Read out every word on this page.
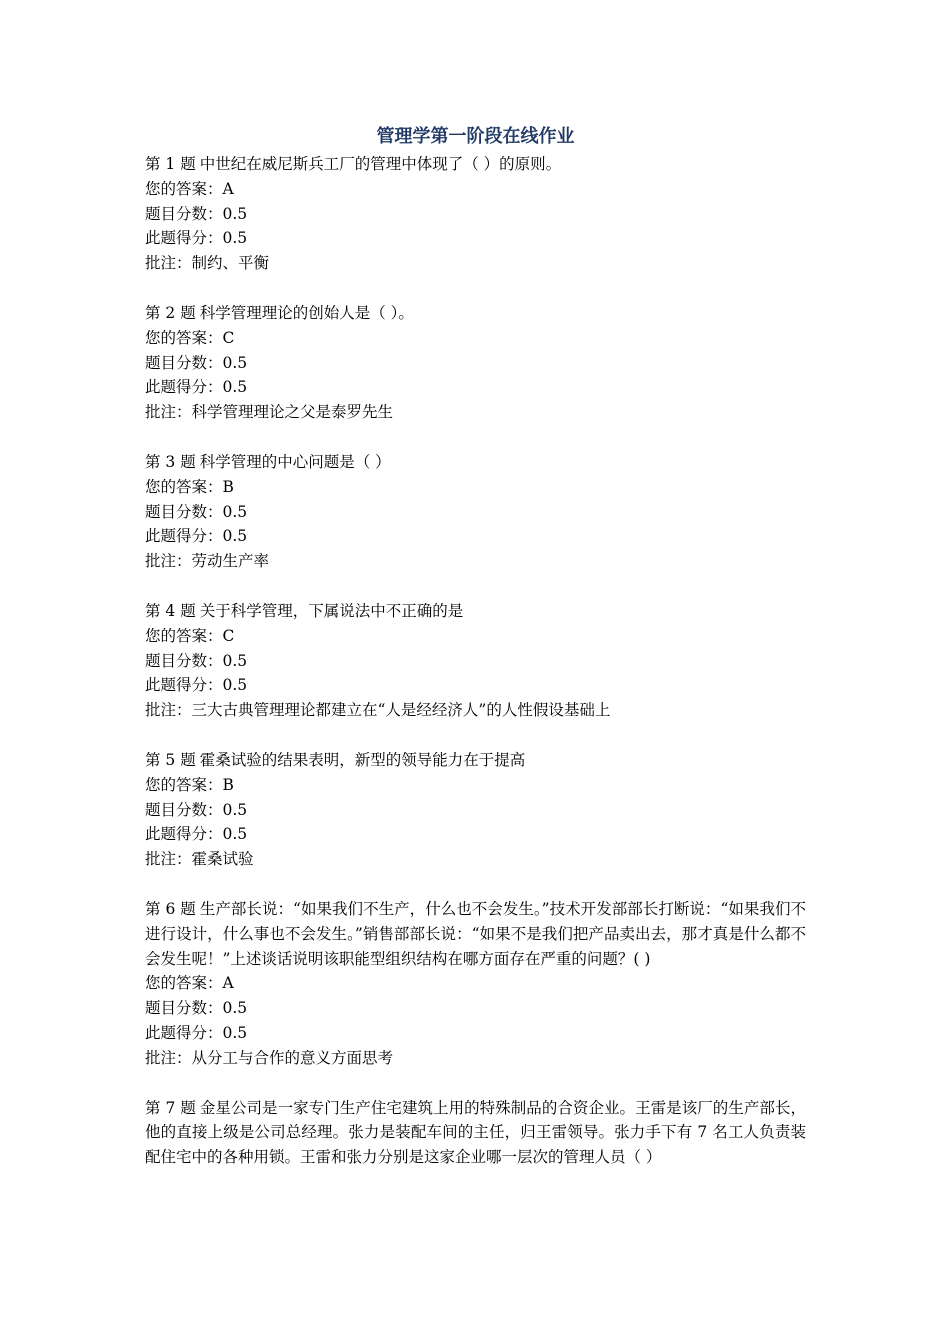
管理学第一阶段在线作业
第 1 题 中世纪在威尼斯兵工厂的管理中体现了（ ）的原则。
您的答案：A
题目分数：0.5
此题得分：0.5
批注：制约、平衡
第 2 题 科学管理理论的创始人是（ ）。
您的答案：C
题目分数：0.5
此题得分：0.5
批注：科学管理理论之父是泰罗先生
第 3 题 科学管理的中心问题是（ ）
您的答案：B
题目分数：0.5
此题得分：0.5
批注：劳动生产率
第 4 题 关于科学管理，下属说法中不正确的是
您的答案：C
题目分数：0.5
此题得分：0.5
批注：三大古典管理理论都建立在“人是经经济人”的人性假设基础上
第 5 题 霍桑试验的结果表明，新型的领导能力在于提高
您的答案：B
题目分数：0.5
此题得分：0.5
批注：霍桑试验
第 6 题 生产部长说：“如果我们不生产，什么也不会发生。”技术开发部部长打断说：“如果我们不进行设计，什么事也不会发生。”销售部部长说：“如果不是我们把产品卖出去，那才真是什么都不会发生呢！”上述谈话说明该职能型组织结构在哪方面存在严重的问题？( )
您的答案：A
题目分数：0.5
此题得分：0.5
批注：从分工与合作的意义方面思考
第 7 题 金星公司是一家专门生产住宅建筑上用的特殊制品的合资企业。王雷是该厂的生产部长，他的直接上级是公司总经理。张力是装配车间的主任，归王雷领导。张力手下有 7 名工人负责装配住宅中的各种用锁。王雷和张力分别是这家企业哪一层次的管理人员（ ）
